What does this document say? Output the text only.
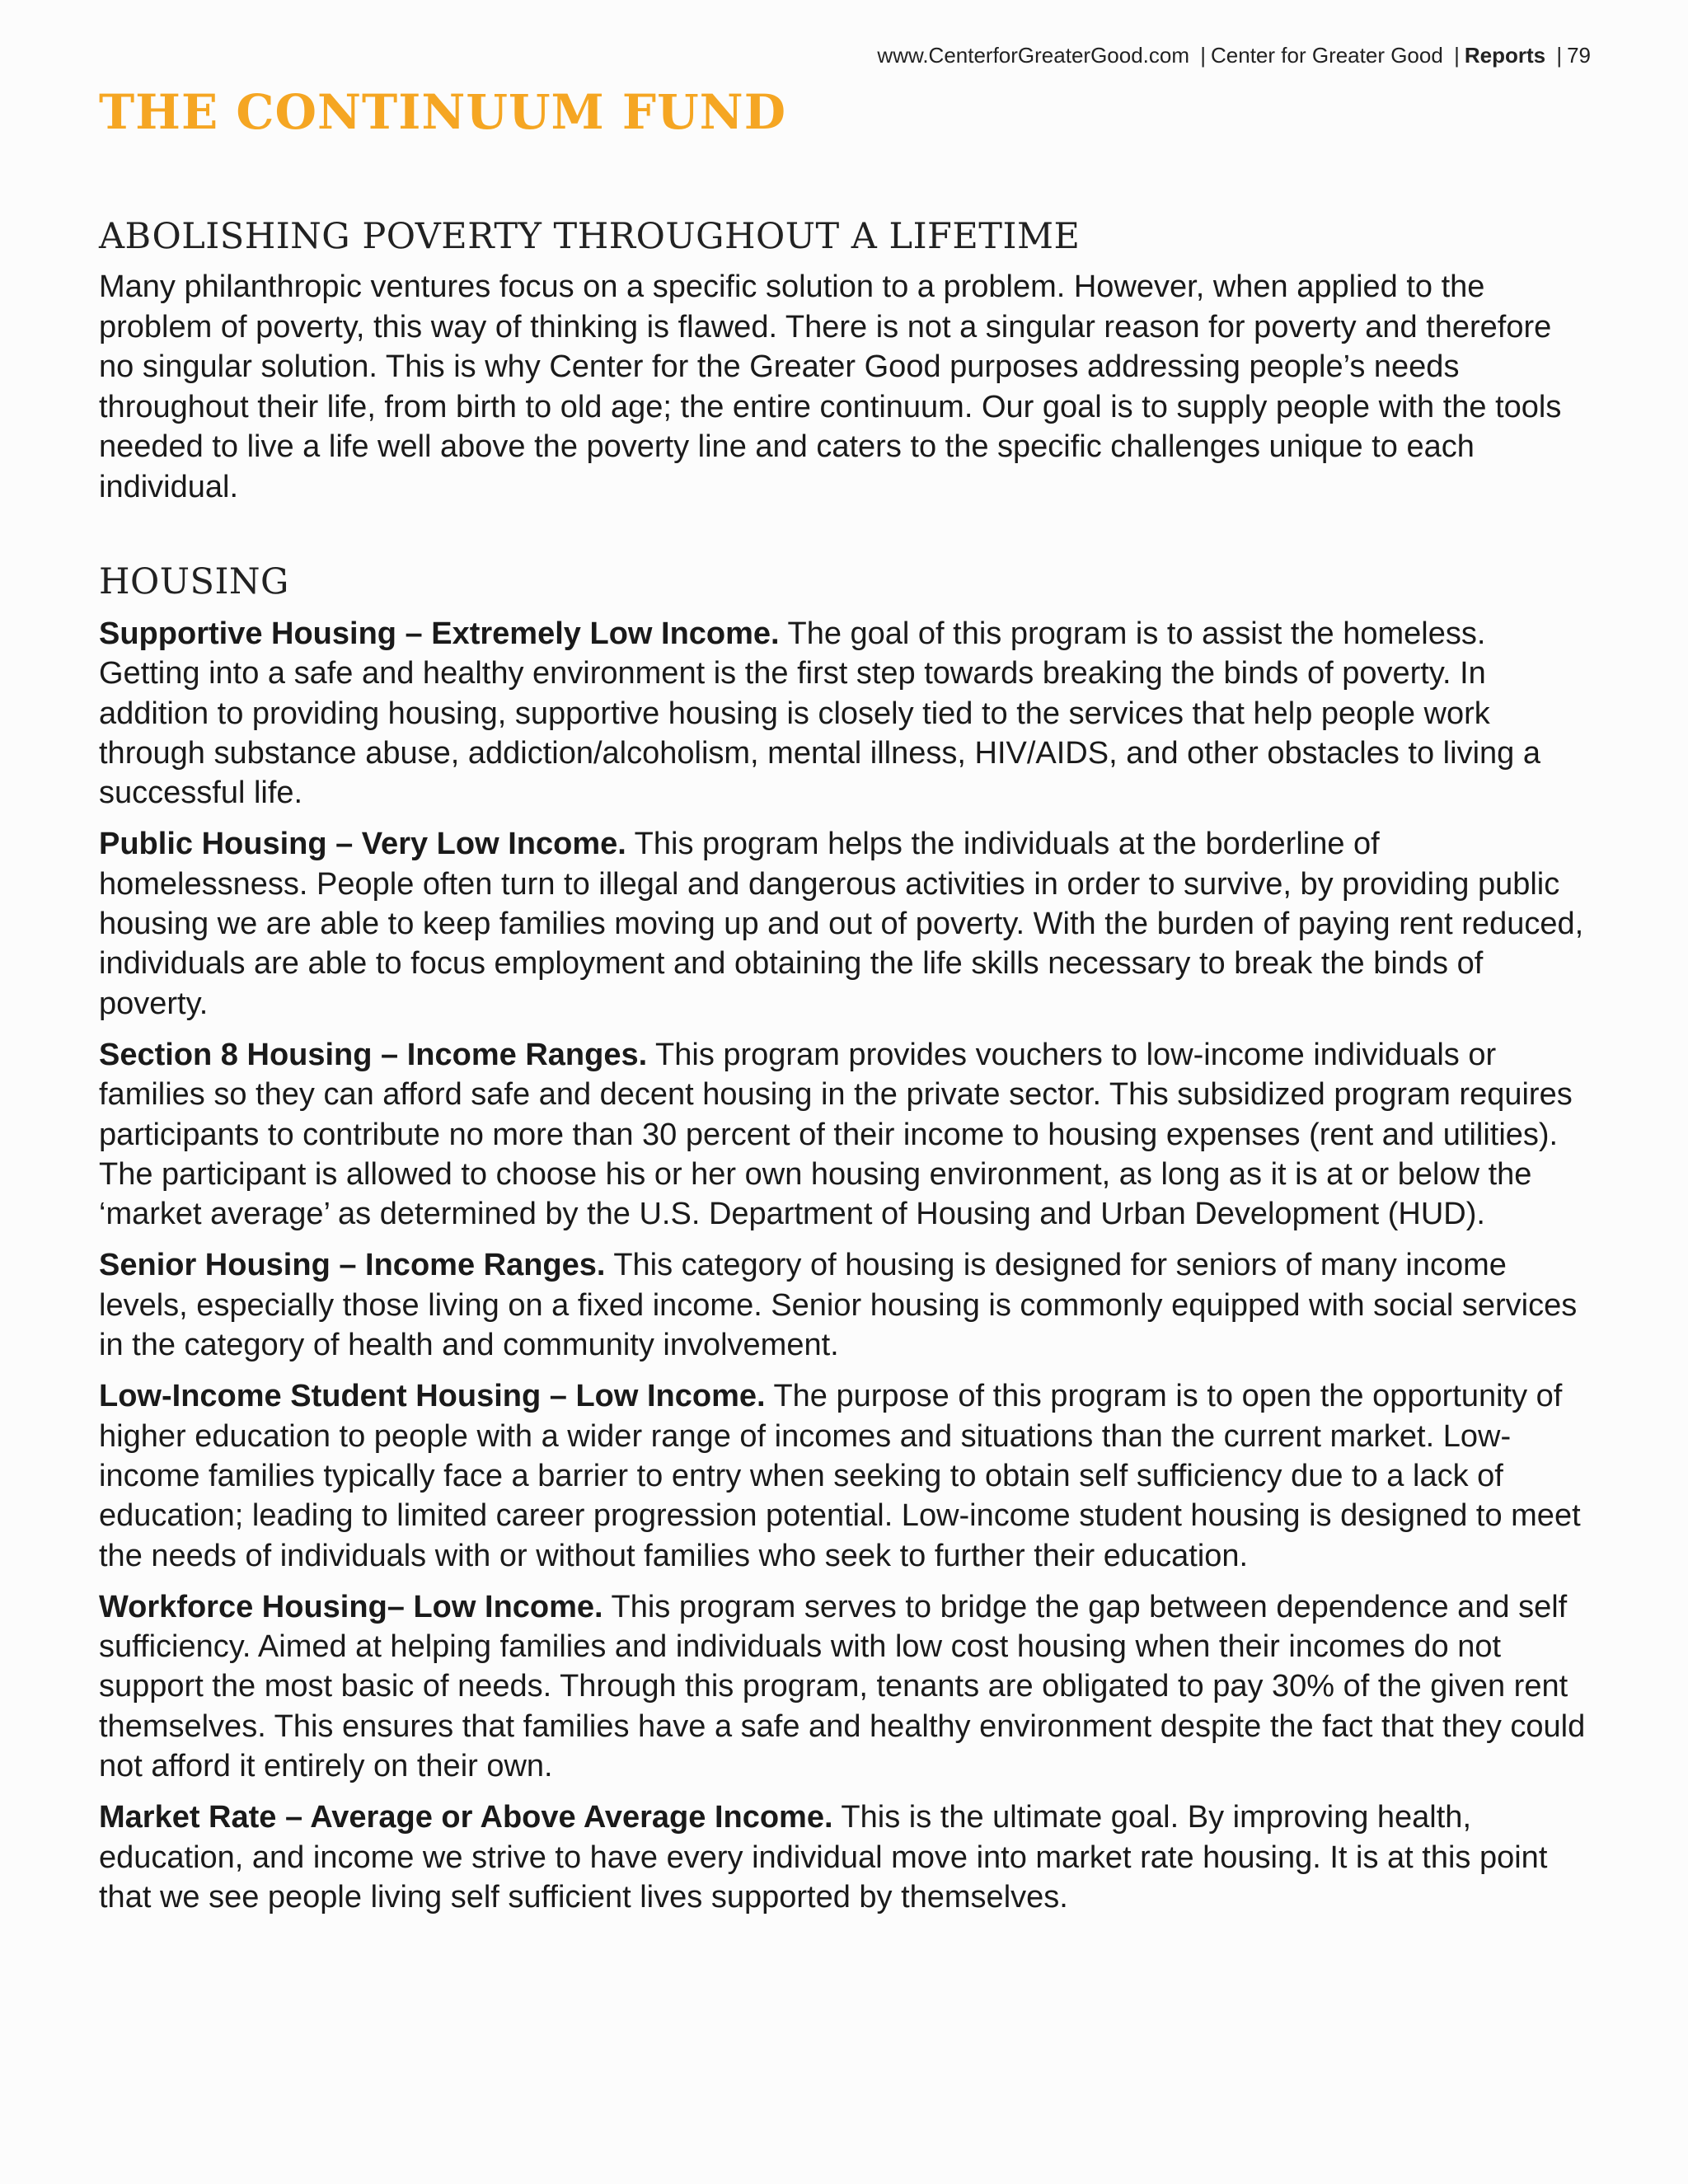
www.CenterforGreaterGood.com | Center for Greater Good | Reports | 79
THE CONTINUUM FUND
ABOLISHING POVERTY THROUGHOUT A LIFETIME

Many philanthropic ventures focus on a specific solution to a problem. However, when applied to the problem of poverty, this way of thinking is flawed. There is not a singular reason for poverty and therefore no singular solution. This is why Center for the Greater Good purposes addressing people’s needs throughout their life, from birth to old age; the entire continuum. Our goal is to supply people with the tools needed to live a life well above the poverty line and caters to the specific challenges unique to each individual.

HOUSING

Supportive Housing – Extremely Low Income. The goal of this program is to assist the homeless. Getting into a safe and healthy environment is the first step towards breaking the binds of poverty. In addition to providing housing, supportive housing is closely tied to the services that help people work through substance abuse, addiction/alcoholism, mental illness, HIV/AIDS, and other obstacles to living a successful life.

Public Housing – Very Low Income. This program helps the individuals at the borderline of homelessness. People often turn to illegal and dangerous activities in order to survive, by providing public housing we are able to keep families moving up and out of poverty. With the burden of paying rent reduced, individuals are able to focus employment and obtaining the life skills necessary to break the binds of poverty.

Section 8 Housing – Income Ranges. This program provides vouchers to low-income individuals or families so they can afford safe and decent housing in the private sector. This subsidized program requires participants to contribute no more than 30 percent of their income to housing expenses (rent and utilities). The participant is allowed to choose his or her own housing environment, as long as it is at or below the ‘market average’ as determined by the U.S. Department of Housing and Urban Development (HUD).

Senior Housing – Income Ranges. This category of housing is designed for seniors of many income levels, especially those living on a fixed income. Senior housing is commonly equipped with social services in the category of health and community involvement.

Low-Income Student Housing – Low Income. The purpose of this program is to open the opportunity of higher education to people with a wider range of incomes and situations than the current market. Low-income families typically face a barrier to entry when seeking to obtain self sufficiency due to a lack of education; leading to limited career progression potential. Low-income student housing is designed to meet the needs of individuals with or without families who seek to further their education.

Workforce Housing– Low Income. This program serves to bridge the gap between dependence and self sufficiency. Aimed at helping families and individuals with low cost housing when their incomes do not support the most basic of needs. Through this program, tenants are obligated to pay 30% of the given rent themselves. This ensures that families have a safe and healthy environment despite the fact that they could not afford it entirely on their own.

Market Rate – Average or Above Average Income. This is the ultimate goal. By improving health, education, and income we strive to have every individual move into market rate housing. It is at this point that we see people living self sufficient lives supported by themselves.
